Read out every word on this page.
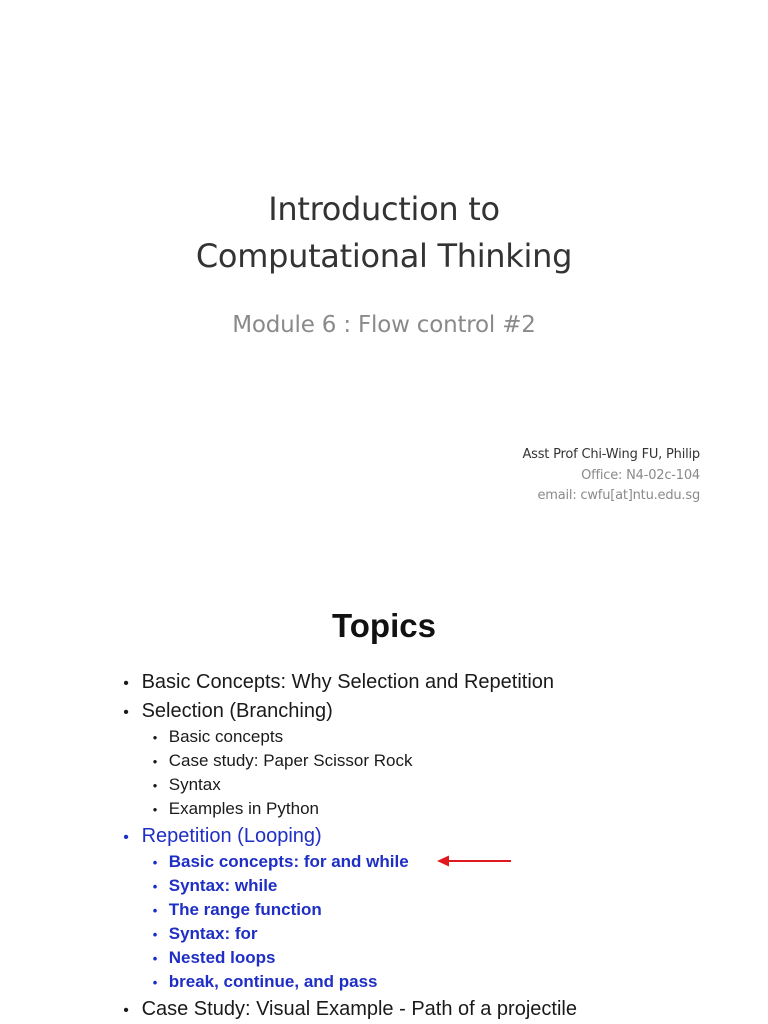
Introduction to
Computational Thinking
Module 6 : Flow control #2
Asst Prof Chi-Wing FU, Philip
Office: N4-02c-104
email: cwfu[at]ntu.edu.sg
Topics
• Basic Concepts: Why Selection and Repetition
• Selection (Branching)
• Basic concepts
• Case study: Paper Scissor Rock
• Syntax
• Examples in Python
• Repetition (Looping)
• Basic concepts: for and while
• Syntax: while
• The range function
• Syntax: for
• Nested loops
• break, continue, and pass
• Case Study: Visual Example - Path of a projectile
